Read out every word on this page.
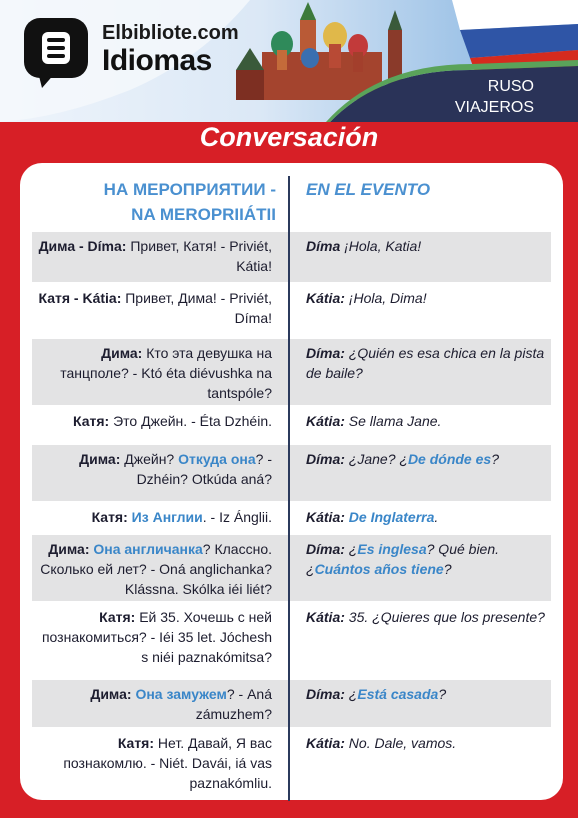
Elbibliote.com
Idiomas
RUSO
VIAJEROS
Conversación
НА МЕРОПРИЯТИИ -
NA MEROPRIIÁTII
EN EL EVENTO
Дима - Díma: Привет, Катя! - Priviét, Kátia!
Díma ¡Hola, Katia!
Катя - Kátia: Привет, Дима! - Priviét, Díma!
Kátia: ¡Hola, Dima!
Дима: Кто эта девушка на танцполе? - Któ éta diévushka na tantspóle?
Díma: ¿Quién es esa chica en la pista de baile?
Катя: Это Джейн. - Éta Dzhéin. Kátia: Se llama Jane.
Дима: Джейн? Откуда она? - Dzhéin? Otkúda aná?
Díma: ¿Jane? ¿De dónde es?
Катя: Из Англии. - Iz Ánglii. Kátia: De Inglaterra.
Дима: Она англичанка? Классно. Сколько ей лет? - Oná anglichanka? Klássna. Skólka iéi liét?
Díma: ¿Es inglesa? Qué bien. ¿Cuántos años tiene?
Катя: Ей 35. Хочешь с ней познакомиться? - Iéi 35 let. Jóchesh s niéi paznakómitsa?
Kátia: 35. ¿Quieres que los presente?
Дима: Она замужем? - Aná zámuzhem?
Díma: ¿Está casada?
Катя: Нет. Давай, Я вас познакомлю. - Niét. Davái, iá vas paznakómliu.
Kátia: No. Dale, vamos.
